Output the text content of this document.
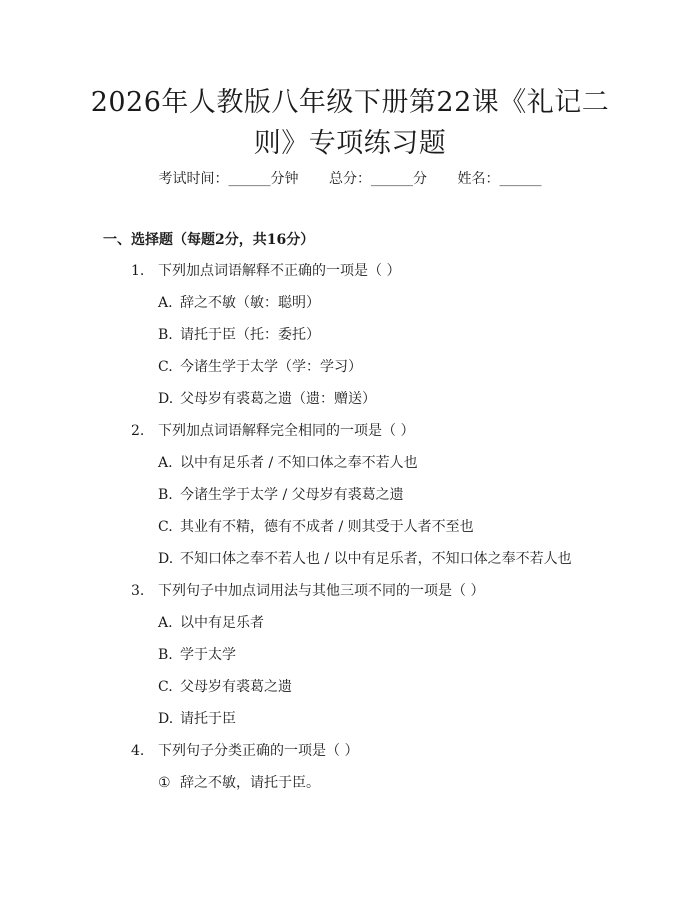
2026年人教版八年级下册第22课《礼记二则》专项练习题
考试时间：______分钟 总分：______分 姓名：______
一、选择题（每题2分，共16分）
1. 下列加点词语解释不正确的一项是（ ）
A. 辞之不敏（敏：聪明）
B. 请托于臣（托：委托）
C. 今诸生学于太学（学：学习）
D. 父母岁有裘葛之遗（遗：赠送）
2. 下列加点词语解释完全相同的一项是（ ）
A. 以中有足乐者 / 不知口体之奉不若人也
B. 今诸生学于太学 / 父母岁有裘葛之遗
C. 其业有不精，德有不成者 / 则其受于人者不至也
D. 不知口体之奉不若人也 / 以中有足乐者，不知口体之奉不若人也
3. 下列句子中加点词用法与其他三项不同的一项是（ ）
A. 以中有足乐者
B. 学于太学
C. 父母岁有裘葛之遗
D. 请托于臣
4. 下列句子分类正确的一项是（ ）
① 辞之不敏，请托于臣。
